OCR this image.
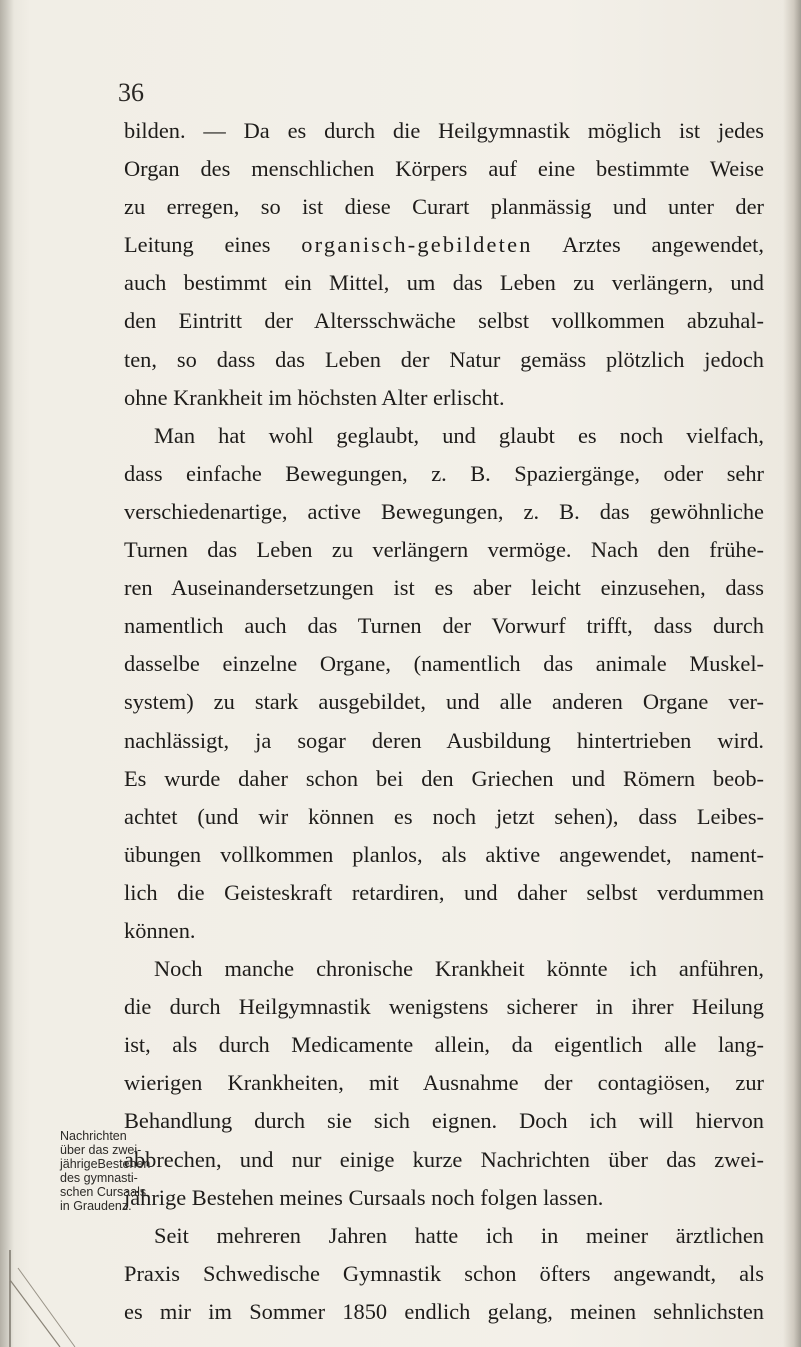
36
bilden. — Da es durch die Heilgymnastik möglich ist jedes
Organ des menschlichen Körpers auf eine bestimmte Weise
zu erregen, so ist diese Curart planmässig und unter der
Leitung eines organisch-gebildeten Arztes angewendet,
auch bestimmt ein Mittel, um das Leben zu verlängern, und
den Eintritt der Altersschwäche selbst vollkommen abzuhal-
ten, so dass das Leben der Natur gemäss plötzlich jedoch
ohne Krankheit im höchsten Alter erlischt.
Man hat wohl geglaubt, und glaubt es noch vielfach,
dass einfache Bewegungen, z. B. Spaziergänge, oder sehr
verschiedenartige, active Bewegungen, z. B. das gewöhnliche
Turnen das Leben zu verlängern vermöge. Nach den frühe-
ren Auseinandersetzungen ist es aber leicht einzusehen, dass
namentlich auch das Turnen der Vorwurf trifft, dass durch
dasselbe einzelne Organe, (namentlich das animale Muskel-
system) zu stark ausgebildet, und alle anderen Organe ver-
nachlässigt, ja sogar deren Ausbildung hintertrieben wird.
Es wurde daher schon bei den Griechen und Römern beob-
achtet (und wir können es noch jetzt sehen), dass Leibes-
übungen vollkommen planlos, als aktive angewendet, nament-
lich die Geisteskraft retardiren, und daher selbst verdummen
können.
Noch manche chronische Krankheit könnte ich anführen,
die durch Heilgymnastik wenigstens sicherer in ihrer Heilung
ist, als durch Medicamente allein, da eigentlich alle lang-
wierigen Krankheiten, mit Ausnahme der contagiösen, zur
Behandlung durch sie sich eignen. Doch ich will hiervon
abbrechen, und nur einige kurze Nachrichten über das zwei-
jährige Bestehen meines Cursaals noch folgen lassen.
Seit mehreren Jahren hatte ich in meiner ärztlichen
Praxis Schwedische Gymnastik schon öfters angewandt, als
es mir im Sommer 1850 endlich gelang, meinen sehnlichsten
Nachrichten
über das zwei-
jährigeBestehen
des gymnasti-
schen Cursaals
in Graudenz.
